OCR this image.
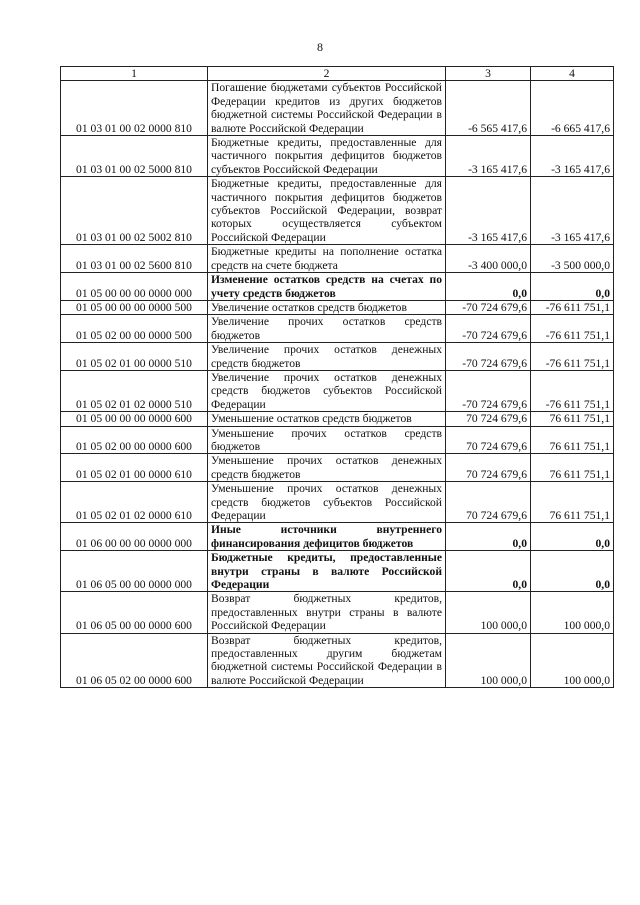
8
1	2	3	4
01 03 01 00 02 0000 810	Погашение бюджетами субъектов Российской Федерации кредитов из других бюджетов бюджетной системы Российской Федерации в валюте Российской Федерации	-6 565 417,6	-6 665 417,6
01 03 01 00 02 5000 810	Бюджетные кредиты, предоставленные для частичного покрытия дефицитов бюджетов субъектов Российской Федерации	-3 165 417,6	-3 165 417,6
01 03 01 00 02 5002 810	Бюджетные кредиты, предоставленные для частичного покрытия дефицитов бюджетов субъектов Российской Федерации, возврат которых осуществляется субъектом Российской Федерации	-3 165 417,6	-3 165 417,6
01 03 01 00 02 5600 810	Бюджетные кредиты на пополнение остатка средств на счете бюджета	-3 400 000,0	-3 500 000,0
01 05 00 00 00 0000 000	Изменение остатков средств на счетах по учету средств бюджетов	0,0	0,0
01 05 00 00 00 0000 500	Увеличение остатков средств бюджетов	-70 724 679,6	-76 611 751,1
01 05 02 00 00 0000 500	Увеличение прочих остатков средств бюджетов	-70 724 679,6	-76 611 751,1
01 05 02 01 00 0000 510	Увеличение прочих остатков денежных средств бюджетов	-70 724 679,6	-76 611 751,1
01 05 02 01 02 0000 510	Увеличение прочих остатков денежных средств бюджетов субъектов Российской Федерации	-70 724 679,6	-76 611 751,1
01 05 00 00 00 0000 600	Уменьшение остатков средств бюджетов	70 724 679,6	76 611 751,1
01 05 02 00 00 0000 600	Уменьшение прочих остатков средств бюджетов	70 724 679,6	76 611 751,1
01 05 02 01 00 0000 610	Уменьшение прочих остатков денежных средств бюджетов	70 724 679,6	76 611 751,1
01 05 02 01 02 0000 610	Уменьшение прочих остатков денежных средств бюджетов субъектов Российской Федерации	70 724 679,6	76 611 751,1
01 06 00 00 00 0000 000	Иные источники внутреннего финансирования дефицитов бюджетов	0,0	0,0
01 06 05 00 00 0000 000	Бюджетные кредиты, предоставленные внутри страны в валюте Российской Федерации	0,0	0,0
01 06 05 00 00 0000 600	Возврат бюджетных кредитов, предоставленных внутри страны в валюте Российской Федерации	100 000,0	100 000,0
01 06 05 02 00 0000 600	Возврат бюджетных кредитов, предоставленных другим бюджетам бюджетной системы Российской Федерации в валюте Российской Федерации	100 000,0	100 000,0
